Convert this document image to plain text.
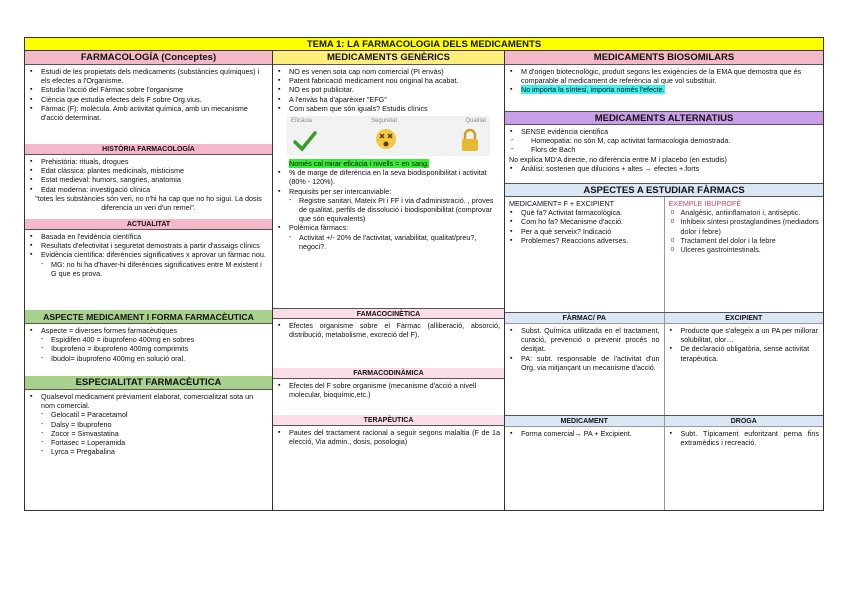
TEMA 1: LA FARMACOLOGIA DELS MEDICAMENTS
FARMACOLOGÍA (Conceptes)
▪ Estudi de les propietats dels medicaments (substàncies químiques) i els efectes a l'Organisme.
▪ Estudia l'acció del Fàrmac sobre l'organisme
▪ Ciència que estudia efectes dels F sobre Org.vius.
▪ Fàrmac (F): molècula. Amb activitat química, amb un mecanisme d'acció determinat.
HISTÒRIA FARMACOLOGÍA
▪ Prehistòria: rituals, drogues
▪ Edat clàssica: plantes medicinals, misticisme
▪ Estat medieval: humors, sangries, anatomia
▪ Edat moderna: investigació clínica
"totes les substàncies són veri, no n'hi ha cap que no ho sigui. La dosis diferencia un veri d'un remei".
ACTUALITAT
▪ Basada en l'evidència científica
▪ Resultats d'efectivitat i seguretat demostrats a partir d'assaigs clínics
▪ Evidència científica: diferències significatives x aprovar un fàrmac nou.
- MG: no hi ha d'haver-hi diferències significatives entre M existent i G que es prova.
ASPECTE MEDICAMENT I FORMA FARMACÈUTICA
▪ Aspecte = diverses formes farmacèutiques
- Espidifen 400 = ibuprofeno 400mg en sobres
- Ibuprofeno = ibuprofeno 400mg comprimits
- Ibudol= ibuprofeno 400mg en solució oral.
ESPECIALITAT FARMACÈUTICA
▪ Qualsevol medicament prèviament elaborat, comercialitzat sota un nom comercial.
- Gelocatil = Paracetamol
- Dalsy = Ibuprofeno
- Zocor = Simvastatina
- Fortasec = Loperamida
- Lyrca = Pregabalina
MEDICAMENTS GENÈRICS
▪ NO es venen sota cap nom comercial (PI envàs)
▪ Patent fabricació medicament nou original ha acabat.
▪ NO es pot publicitar.
▪ A l'envàs ha d'aparèixer "EFG"
▪ Com sabem que són iguals? Estudis clínics
Eficàcia	Seguretat	Qualitat
Només cal mirar eficàcia i nivells = en sang.
▪ % de marge de diferència en la seva biodisponibilitat i activitat (80% - 120%).
▪ Requisits per ser intercanviable:
- Registre sanitari, Mateix PI i FF i via d'administració. , proves de qualitat, perfils de dissolució i biodisponibilitat (comprovar que són equivalents)
▪ Polèmica fàrmacs:
- Activitat +/- 20% de l'activitat, variabilitat, qualitat/preu?, negoci?.
FAMACOCINÈTICA
▪ Efectes organisme sobre el Fàrmac (alliberació, absorció, distribució, metabolisme, excreció del F).
FARMACODINÀMICA
▪ Efectes del F sobre organisme (mecanisme d'acció a nivell molecular, bioquímic,etc.)
TERAPÈUTICA
▪ Pautes del tractament racional a seguir segons malaltia (F de 1a elecció, Via admin., dosis, posologia)
MEDICAMENTS BIOSOMILARS
▪ M d'origen biotecnològic, produït segons les exigències de la EMA que demostra que és comparable al medicament de referència al que vol substituir.
▪ No importa la síntesi, importa només l'efecte.
MEDICAMENTS ALTERNATIUS
▪ SENSE evidència científica
- Homeopatia: no són M, cap activitat farmacologia demostrada.
- Flors de Bach
No explica MD'A directe, no diferència entre M i placebo (en estudis)
▪ Anàlisi: sostenen que dilucions + altes → efectes +.forts
ASPECTES A ESTUDIAR FÀRMACS
MEDICAMENT= F + EXCIPIENT
▪ Què fa? Activitat farmacològica.
▪ Com ho fa? Mecanisme d'acció.
▪ Per a què serveix? Indicació
▪ Problemes? Reaccions adverses.
EXEMPLE IBUPROFÈ
o Analgèsic, antiinflamatori i, antisèptic.
o Inhibeix síntesi prostaglandines (mediadors dolor i febre)
o Tractament del dolor i la febre
o Ulceres gastrointestinals.
FÀRMAC/ PA
▪ Subst. Química utilitzada en el tractament, curació, prevenció o prevenir procés no desitjat.
▪ PA: subt. responsable de l'activitat d'un Org. via mitjançant un mecanisme d'acció.
EXCIPIENT
▪ Producte que s'afegeix a un PA per millorar solubilitat, olor…
▪ De declaració obligatòria, sense activitat terapèutica.
MEDICAMENT
▪ Forma comercial→ PA + Excipient.
DROGA
▪ Subt. Típicament euforitzant perna fins extramèdics i recreació.
